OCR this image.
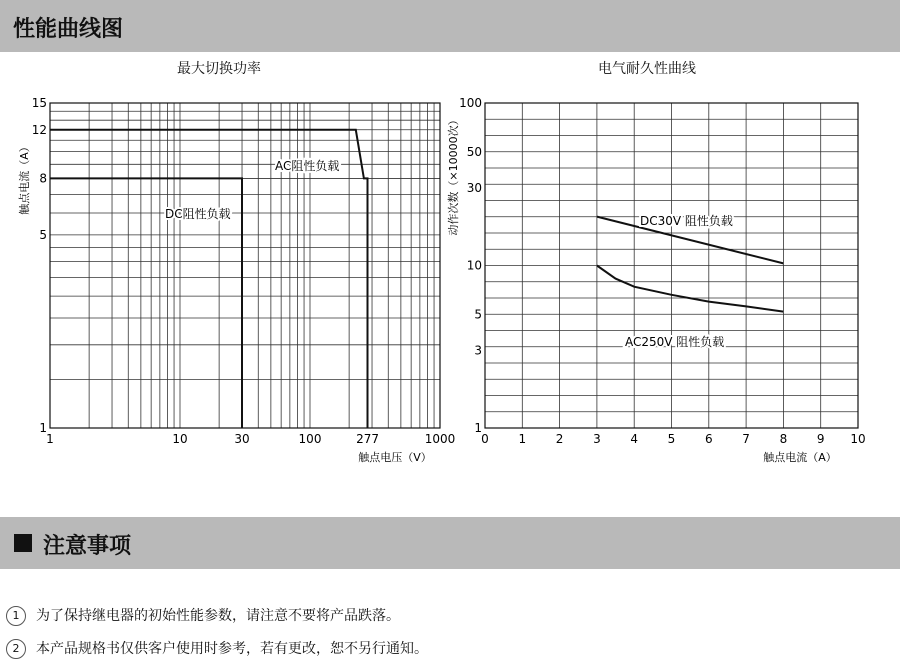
性能曲线图
最大切换功率	电气耐久性曲线
1	10	30	100	277	1000
1
5
8
12
15
触点电压（V）
触点电流（A）	DC阻性负载
AC阻性负载
0 1 2 3 4 5 6 7 8 9 10
1
3
5
10
30
50
100
触点电流（A）
动作次数（×10000次）	DC30V 阻性负载
AC250V 阻性负载
注意事项
1 为了保持继电器的初始性能参数，请注意不要将产品跌落。
2 本产品规格书仅供客户使用时参考，若有更改，恕不另行通知。
